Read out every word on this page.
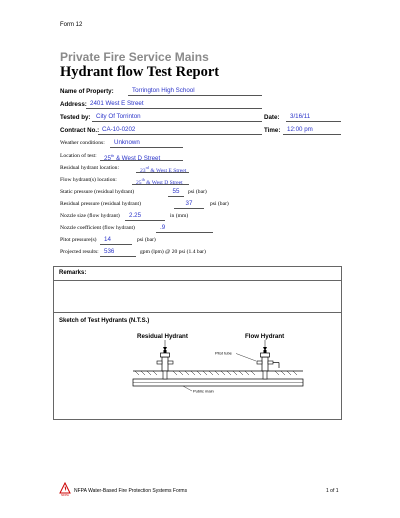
Form 12
Private Fire Service Mains
Hydrant flow Test Report
Name of Property:	Torrington High School
Address: 2401 West E Street
Tested by: City Of Torrinton	Date:	3/16/11
Contract No.: CA-10-0202	Time:	12:00 pm
Weather conditions:	Unknown
Location of test:	25th & West D Street
Residual hydrant location:	23rd & West E Street
Flow hydrant(s) location:	25th & West D Street
Static pressure (residual hydrant)	55	psi (bar)
Residual pressure (residual hydrant)	37	psi (bar)
Nozzle size (flow hydrant)	2.25	in (mm)
Nozzle coefficient (flow hydrant)	.9
Pitot pressure(s)	14	psi (bar)
Projected results: 536	gpm (lpm) @ 20 psi (1.4 bar)
Remarks:
Sketch of Test Hydrants (N.T.S.)
Residual Hydrant	Flow Hydrant
Pitot tube
Public main
NFPA
NFPA Water-Based Fire Protection Systems Forms	1 of 1
